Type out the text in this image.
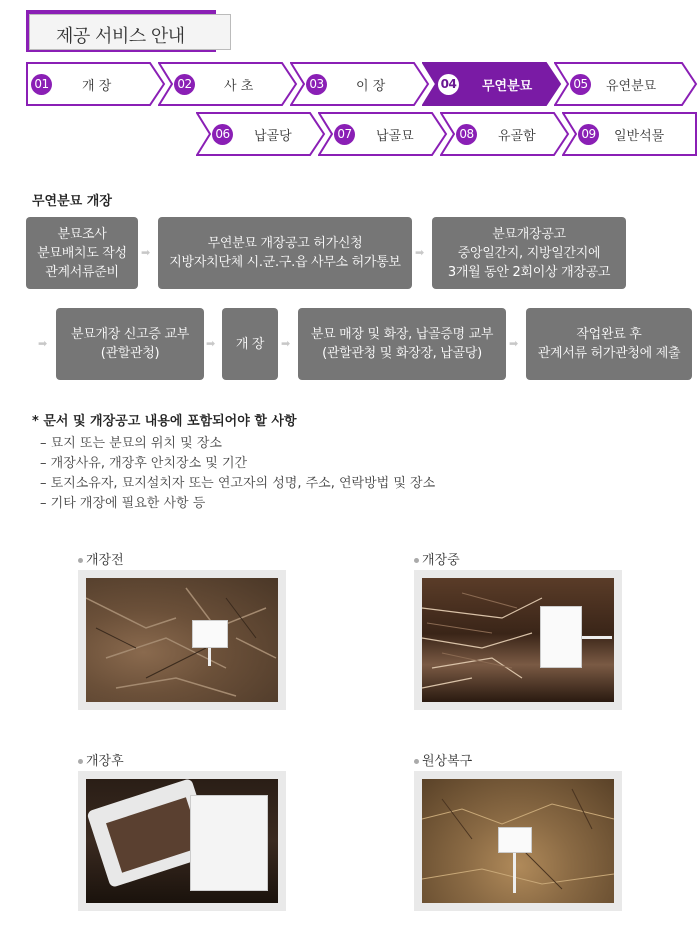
제공 서비스 안내
01	개 장	02 사 초	03 이 장	04 무연분묘	05 유연분묘
06 납골당	07 납골묘	08 유골함	09 일반석물
무연분묘 개장
분묘조사
분묘배치도 작성
관계서류준비
➡
무연분묘 개장공고 허가신청
지방자치단체 시.군.구.읍 사무소 허가통보
➡
분묘개장공고
중앙일간지, 지방일간지에
3개월 동안 2회이상 개장공고
➡
분묘개장 신고증 교부
(관할관청)
➡ 개 장 ➡
분묘 매장 및 화장, 납골증명 교부
(관할관청 및 화장장, 납골당)
➡
작업완료 후
관계서류 허가관청에 제출
* 문서 및 개장공고 내용에 포함되어야 할 사항
– 묘지 또는 분묘의 위치 및 장소
– 개장사유, 개장후 안치장소 및 기간
– 토지소유자, 묘지설치자 또는 연고자의 성명, 주소, 연락방법 및 장소
– 기타 개장에 필요한 사항 등
개장전	개장중
개장후	원상복구
